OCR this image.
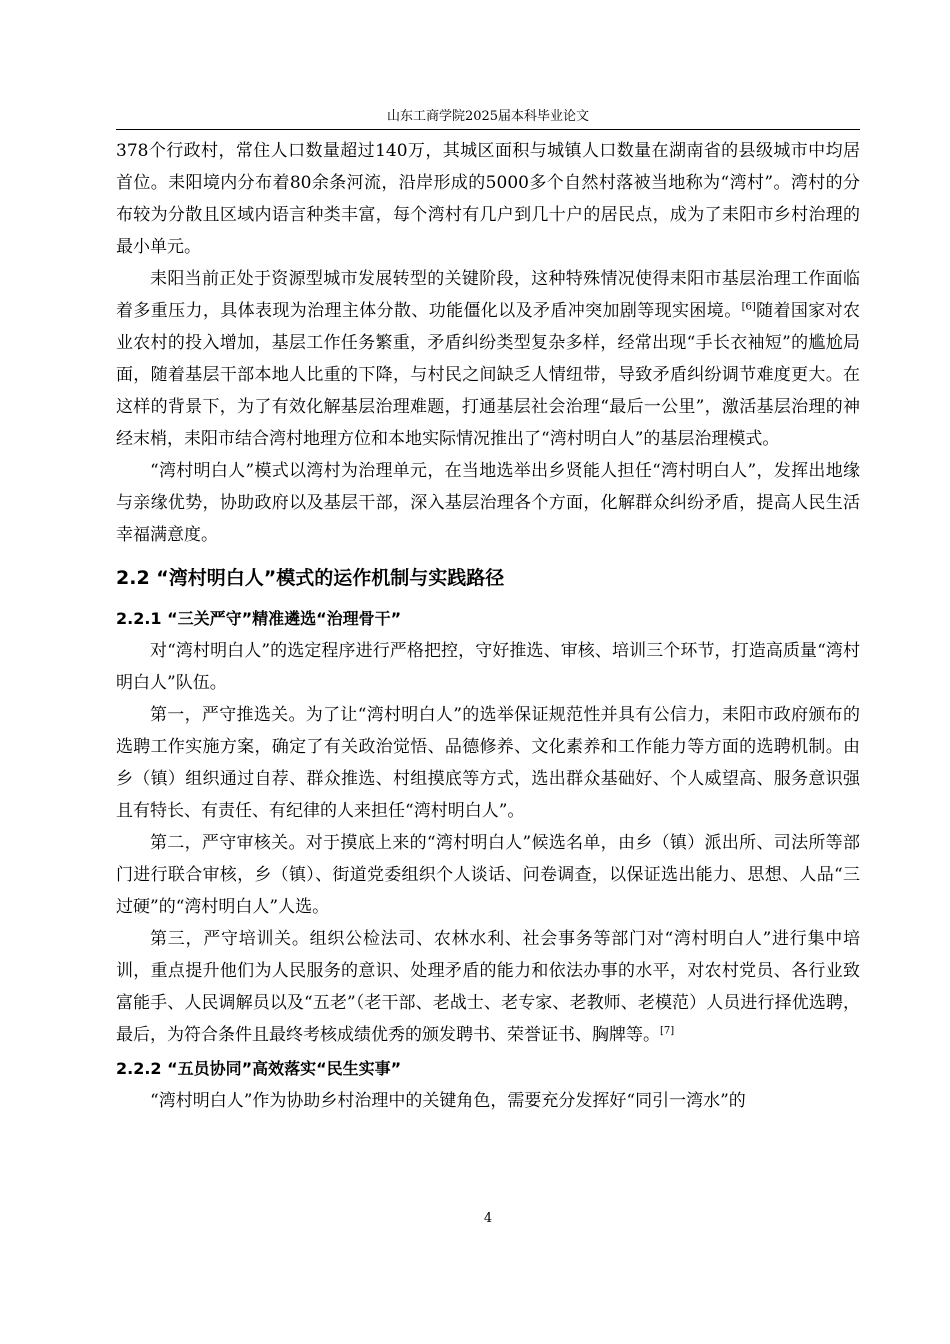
山东工商学院2025届本科毕业论文

378个行政村，常住人口数量超过140万，其城区面积与城镇人口数量在湖南省的县级城市中均居首位。耒阳境内分布着80余条河流，沿岸形成的5000多个自然村落被当地称为“湾村”。湾村的分布较为分散且区域内语言种类丰富，每个湾村有几户到几十户的居民点，成为了耒阳市乡村治理的最小单元。

耒阳当前正处于资源型城市发展转型的关键阶段，这种特殊情况使得耒阳市基层治理工作面临着多重压力，具体表现为治理主体分散、功能僵化以及矛盾冲突加剧等现实困境。[6]随着国家对农业农村的投入增加，基层工作任务繁重，矛盾纠纷类型复杂多样，经常出现“手长衣袖短”的尴尬局面，随着基层干部本地人比重的下降，与村民之间缺乏人情纽带，导致矛盾纠纷调节难度更大。在这样的背景下，为了有效化解基层治理难题，打通基层社会治理“最后一公里”，激活基层治理的神经末梢，耒阳市结合湾村地理方位和本地实际情况推出了“湾村明白人”的基层治理模式。

“湾村明白人”模式以湾村为治理单元，在当地选举出乡贤能人担任“湾村明白人”，发挥出地缘与亲缘优势，协助政府以及基层干部，深入基层治理各个方面，化解群众纠纷矛盾，提高人民生活幸福满意度。

2.2 “湾村明白人”模式的运作机制与实践路径
2.2.1 “三关严守”精准遴选“治理骨干”

对“湾村明白人”的选定程序进行严格把控，守好推选、审核、培训三个环节，打造高质量“湾村明白人”队伍。

第一，严守推选关。为了让“湾村明白人”的选举保证规范性并具有公信力，耒阳市政府颁布的选聘工作实施方案，确定了有关政治觉悟、品德修养、文化素养和工作能力等方面的选聘机制。由乡（镇）组织通过自荐、群众推选、村组摸底等方式，选出群众基础好、个人威望高、服务意识强且有特长、有责任、有纪律的人来担任“湾村明白人”。

第二，严守审核关。对于摸底上来的“湾村明白人”候选名单，由乡（镇）派出所、司法所等部门进行联合审核，乡（镇）、街道党委组织个人谈话、问卷调查，以保证选出能力、思想、人品“三过硬”的“湾村明白人”人选。

第三，严守培训关。组织公检法司、农林水利、社会事务等部门对“湾村明白人”进行集中培训，重点提升他们为人民服务的意识、处理矛盾的能力和依法办事的水平，对农村党员、各行业致富能手、人民调解员以及“五老”（老干部、老战士、老专家、老教师、老模范）人员进行择优选聘，最后，为符合条件且最终考核成绩优秀的颁发聘书、荣誉证书、胸牌等。[7]

2.2.2 “五员协同”高效落实“民生实事”

“湾村明白人”作为协助乡村治理中的关键角色，需要充分发挥好“同引一湾水”的

4
